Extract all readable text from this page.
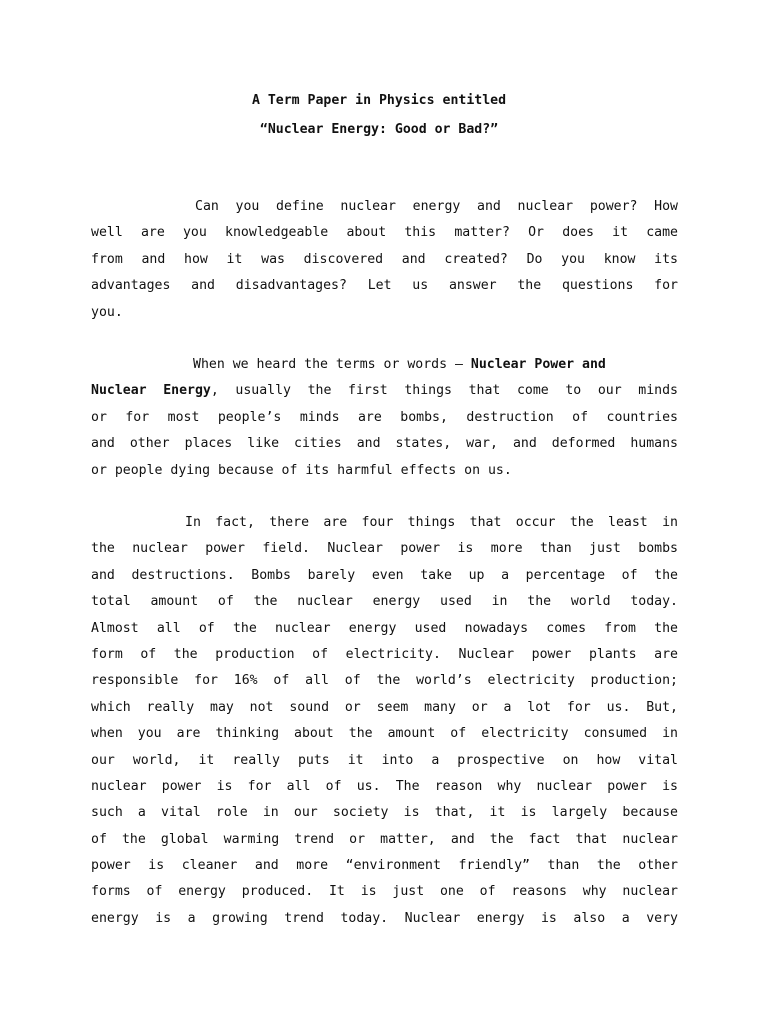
A Term Paper in Physics entitled
“Nuclear Energy: Good or Bad?”
Can you define nuclear energy and nuclear power? How
well are you knowledgeable about this matter? Or does it came
from and how it was discovered and created? Do you know its
advantages and disadvantages? Let us answer the questions for
you.
When we heard the terms or words – Nuclear Power and
Nuclear Energy, usually the first things that come to our minds
or for most people’s minds are bombs, destruction of countries
and other places like cities and states, war, and deformed humans
or people dying because of its harmful effects on us.
In fact, there are four things that occur the least in
the nuclear power field. Nuclear power is more than just bombs
and destructions. Bombs barely even take up a percentage of the
total amount of the nuclear energy used in the world today.
Almost all of the nuclear energy used nowadays comes from the
form of the production of electricity. Nuclear power plants are
responsible for 16% of all of the world’s electricity production;
which really may not sound or seem many or a lot for us. But,
when you are thinking about the amount of electricity consumed in
our world, it really puts it into a prospective on how vital
nuclear power is for all of us. The reason why nuclear power is
such a vital role in our society is that, it is largely because
of the global warming trend or matter, and the fact that nuclear
power is cleaner and more “environment friendly” than the other
forms of energy produced. It is just one of reasons why nuclear
energy is a growing trend today. Nuclear energy is also a very
